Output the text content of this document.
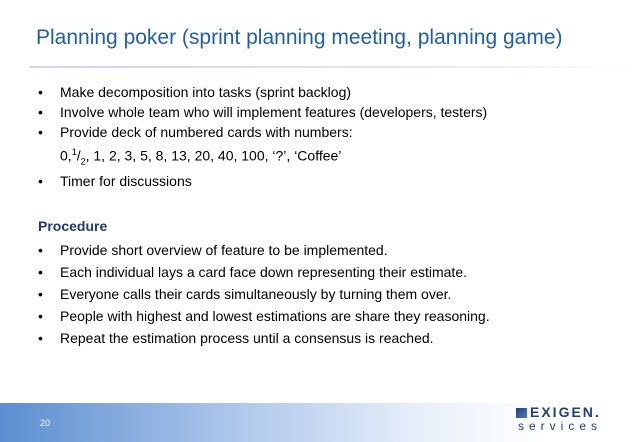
Planning poker (sprint planning meeting, planning game)
• Make decomposition into tasks (sprint backlog)
• Involve whole team who will implement features (developers, testers)
• Provide deck of numbered cards with numbers:
$0,^1/_2$, 1, 2, 3, 5, 8, 13, 20, 40, 100, ‘?’, ‘Coffee’
• Timer for discussions
Procedure
• Provide short overview of feature to be implemented.
• Each individual lays a card face down representing their estimate.
• Everyone calls their cards simultaneously by turning them over.
• People with highest and lowest estimations are share they reasoning.
• Repeat the estimation process until a consensus is reached.
20
EXIGEN.
services
